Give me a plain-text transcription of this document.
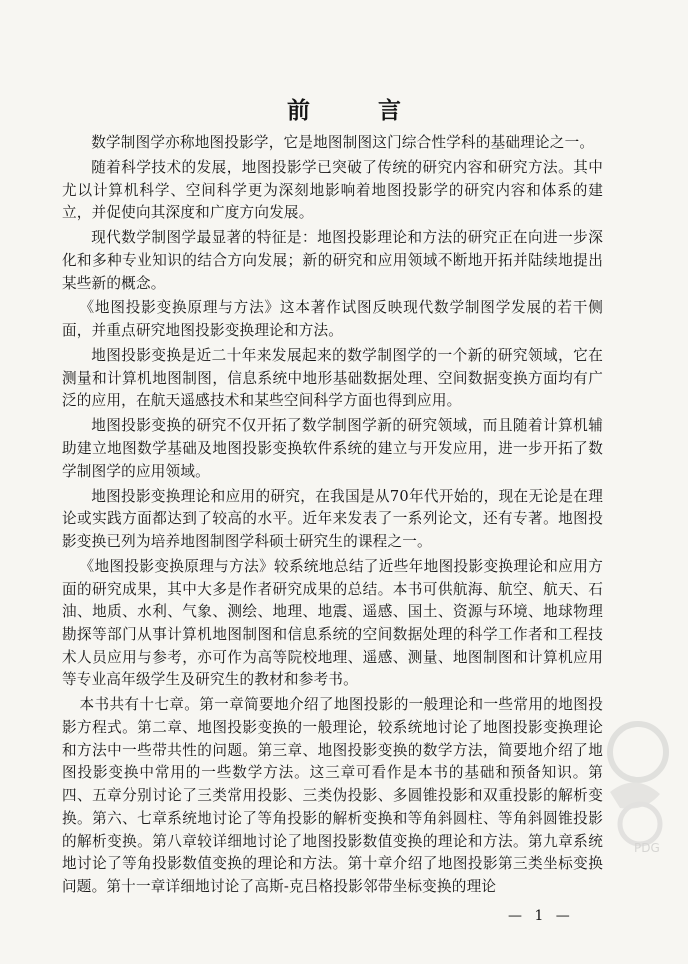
前 言

数学制图学亦称地图投影学，它是地图制图这门综合性学科的基础理论之一。

随着科学技术的发展，地图投影学已突破了传统的研究内容和研究方法。其中尤以计算机科学、空间科学更为深刻地影响着地图投影学的研究内容和体系的建立，并促使向其深度和广度方向发展。

现代数学制图学最显著的特征是：地图投影理论和方法的研究正在向进一步深化和多种专业知识的结合方向发展；新的研究和应用领域不断地开拓并陆续地提出某些新的概念。

《地图投影变换原理与方法》这本著作试图反映现代数学制图学发展的若干侧面，并重点研究地图投影变换理论和方法。

地图投影变换是近二十年来发展起来的数学制图学的一个新的研究领域，它在测量和计算机地图制图，信息系统中地形基础数据处理、空间数据变换方面均有广泛的应用，在航天遥感技术和某些空间科学方面也得到应用。

地图投影变换的研究不仅开拓了数学制图学新的研究领域，而且随着计算机辅助建立地图数学基础及地图投影变换软件系统的建立与开发应用，进一步开拓了数学制图学的应用领域。

地图投影变换理论和应用的研究，在我国是从70年代开始的，现在无论是在理论或实践方面都达到了较高的水平。近年来发表了一系列论文，还有专著。地图投影变换已列为培养地图制图学科硕士研究生的课程之一。

《地图投影变换原理与方法》较系统地总结了近些年地图投影变换理论和应用方面的研究成果，其中大多是作者研究成果的总结。本书可供航海、航空、航天、石油、地质、水利、气象、测绘、地理、地震、遥感、国土、资源与环境、地球物理勘探等部门从事计算机地图制图和信息系统的空间数据处理的科学工作者和工程技术人员应用与参考，亦可作为高等院校地理、遥感、测量、地图制图和计算机应用等专业高年级学生及研究生的教材和参考书。

本书共有十七章。第一章简要地介绍了地图投影的一般理论和一些常用的地图投影方程式。第二章、地图投影变换的一般理论，较系统地讨论了地图投影变换理论和方法中一些带共性的问题。第三章、地图投影变换的数学方法，简要地介绍了地图投影变换中常用的一些数学方法。这三章可看作是本书的基础和预备知识。第四、五章分别讨论了三类常用投影、三类伪投影、多圆锥投影和双重投影的解析变换。第六、七章系统地讨论了等角投影的解析变换和等角斜圆柱、等角斜圆锥投影的解析变换。第八章较详细地讨论了地图投影数值变换的理论和方法。第九章系统地讨论了等角投影数值变换的理论和方法。第十章介绍了地图投影第三类坐标变换问题。第十一章详细地讨论了高斯-克吕格投影邻带坐标变换的理论

PDG
— 1 —
